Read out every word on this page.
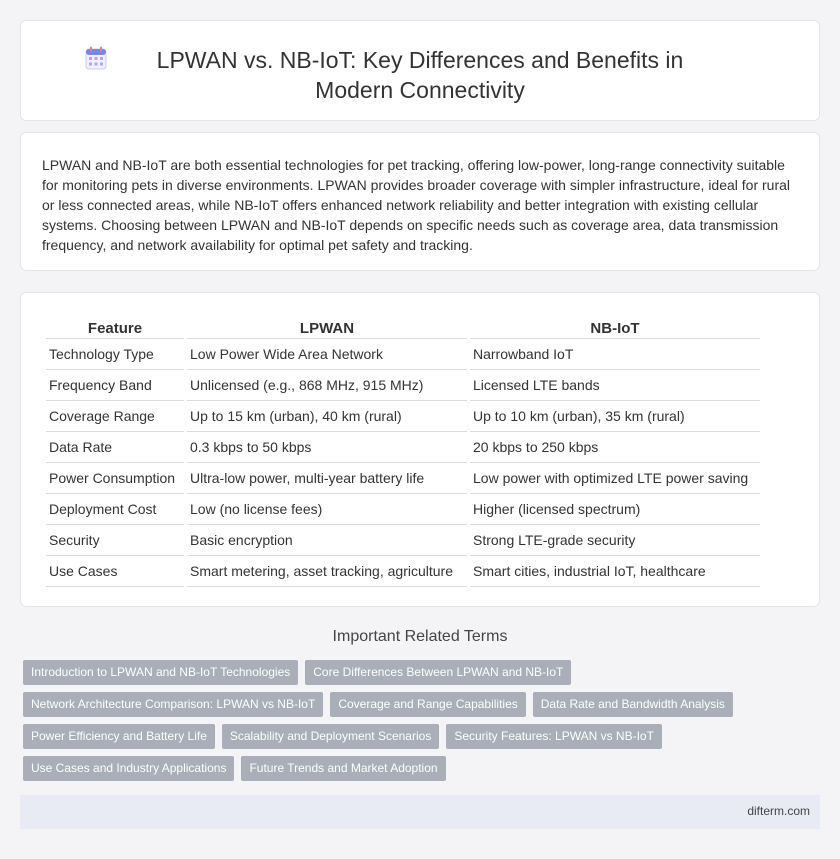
LPWAN vs. NB-IoT: Key Differences and Benefits in Modern Connectivity

LPWAN and NB-IoT are both essential technologies for pet tracking, offering low-power, long-range connectivity suitable for monitoring pets in diverse environments. LPWAN provides broader coverage with simpler infrastructure, ideal for rural or less connected areas, while NB-IoT offers enhanced network reliability and better integration with existing cellular systems. Choosing between LPWAN and NB-IoT depends on specific needs such as coverage area, data transmission frequency, and network availability for optimal pet safety and tracking.

Feature	LPWAN	NB-IoT
Technology Type	Low Power Wide Area Network	Narrowband IoT
Frequency Band	Unlicensed (e.g., 868 MHz, 915 MHz)	Licensed LTE bands
Coverage Range	Up to 15 km (urban), 40 km (rural)	Up to 10 km (urban), 35 km (rural)
Data Rate	0.3 kbps to 50 kbps	20 kbps to 250 kbps
Power Consumption	Ultra-low power, multi-year battery life	Low power with optimized LTE power saving
Deployment Cost	Low (no license fees)	Higher (licensed spectrum)
Security	Basic encryption	Strong LTE-grade security
Use Cases	Smart metering, asset tracking, agriculture	Smart cities, industrial IoT, healthcare
Important Related Terms
Introduction to LPWAN and NB-IoT Technologies	Core Differences Between LPWAN and NB-IoT
Network Architecture Comparison: LPWAN vs NB-IoT	Coverage and Range Capabilities	Data Rate and Bandwidth Analysis
Power Efficiency and Battery Life	Scalability and Deployment Scenarios	Security Features: LPWAN vs NB-IoT
Use Cases and Industry Applications	Future Trends and Market Adoption
difterm.com
